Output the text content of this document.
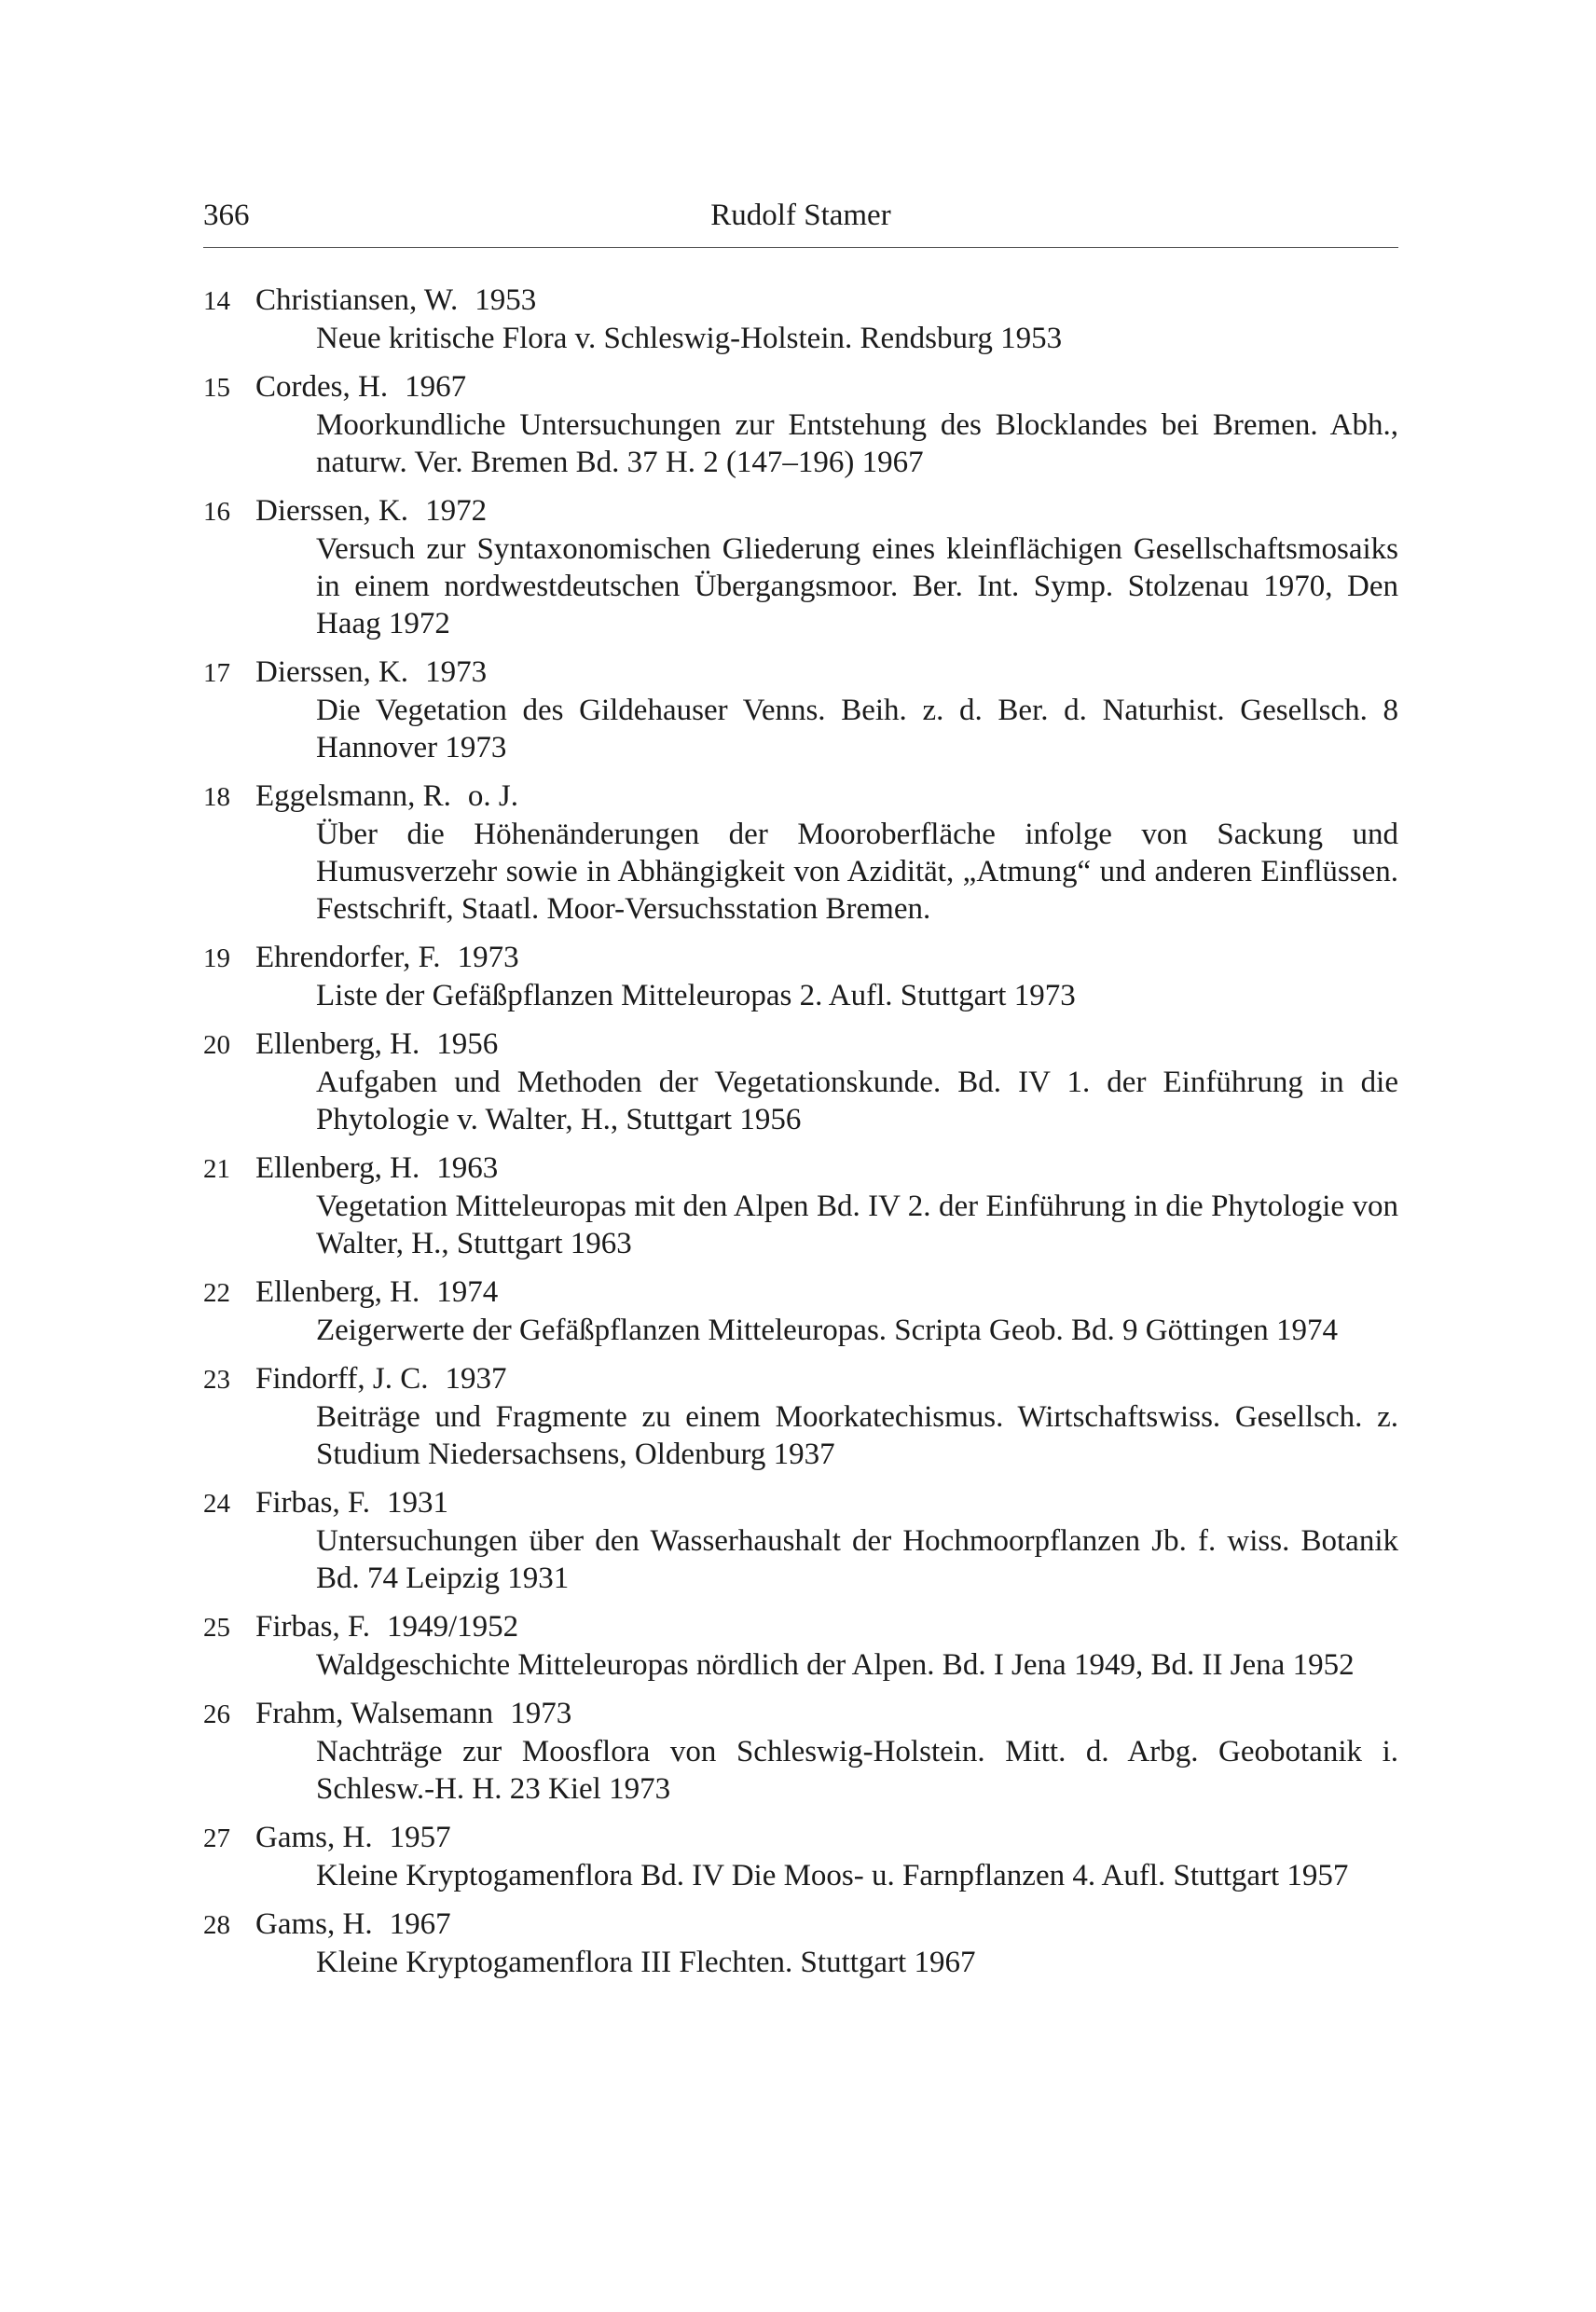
366	Rudolf Stamer
14 Christiansen, W. 1953
Neue kritische Flora v. Schleswig-Holstein. Rendsburg 1953
15 Cordes, H. 1967
Moorkundliche Untersuchungen zur Entstehung des Blocklandes bei Bremen. Abh., naturw. Ver. Bremen Bd. 37 H. 2 (147–196) 1967
16 Dierssen, K. 1972
Versuch zur Syntaxonomischen Gliederung eines kleinflächigen Gesellschaftsmosaiks in einem nordwestdeutschen Übergangsmoor. Ber. Int. Symp. Stolzenau 1970, Den Haag 1972
17 Dierssen, K. 1973
Die Vegetation des Gildehauser Venns. Beih. z. d. Ber. d. Naturhist. Gesellsch. 8 Hannover 1973
18 Eggelsmann, R. o. J.
Über die Höhenänderungen der Mooroberfläche infolge von Sackung und Humusverzehr sowie in Abhängigkeit von Azidität, „Atmung“ und anderen Einflüssen. Festschrift, Staatl. Moor-Versuchsstation Bremen.
19 Ehrendorfer, F. 1973
Liste der Gefäßpflanzen Mitteleuropas 2. Aufl. Stuttgart 1973
20 Ellenberg, H. 1956
Aufgaben und Methoden der Vegetationskunde. Bd. IV 1. der Einführung in die Phytologie v. Walter, H., Stuttgart 1956
21 Ellenberg, H. 1963
Vegetation Mitteleuropas mit den Alpen Bd. IV 2. der Einführung in die Phytologie von Walter, H., Stuttgart 1963
22 Ellenberg, H. 1974
Zeigerwerte der Gefäßpflanzen Mitteleuropas. Scripta Geob. Bd. 9 Göttingen 1974
23 Findorff, J. C. 1937
Beiträge und Fragmente zu einem Moorkatechismus. Wirtschaftswiss. Gesellsch. z. Studium Niedersachsens, Oldenburg 1937
24 Firbas, F. 1931
Untersuchungen über den Wasserhaushalt der Hochmoorpflanzen Jb. f. wiss. Botanik Bd. 74 Leipzig 1931
25 Firbas, F. 1949/1952
Waldgeschichte Mitteleuropas nördlich der Alpen. Bd. I Jena 1949, Bd. II Jena 1952
26 Frahm, Walsemann 1973
Nachträge zur Moosflora von Schleswig-Holstein. Mitt. d. Arbg. Geobotanik i. Schlesw.-H. H. 23 Kiel 1973
27 Gams, H. 1957
Kleine Kryptogamenflora Bd. IV Die Moos- u. Farnpflanzen 4. Aufl. Stuttgart 1957
28 Gams, H. 1967
Kleine Kryptogamenflora III Flechten. Stuttgart 1967
